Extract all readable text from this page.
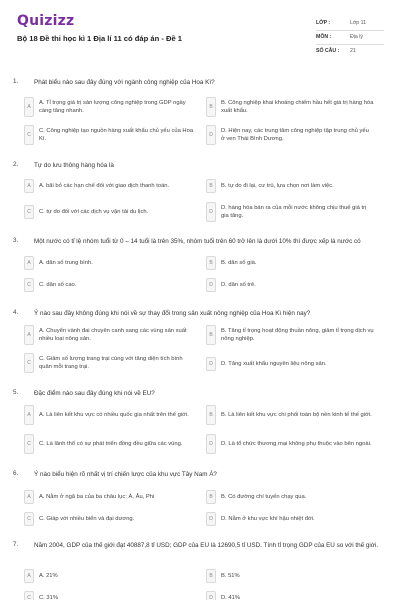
Quizizz
Bộ 18 Đề thi học kì 1 Địa lí 11 có đáp án - Đề 1
LỚP :	Lớp 11
MÔN :	Địa lý
SỐ CÂU : 21
1. Phát biểu nào sau đây đúng với ngành công nghiệp của Hoa Kì?
A
A. Tỉ trọng giá trị sản lượng công nghiệp trong GDP ngày càng tăng nhanh.
B
B. Công nghiệp khai khoáng chiếm hầu hết giá trị hàng hóa xuất khẩu.
C
C. Công nghiệp tạo nguồn hàng xuất khẩu chủ yếu của Hoa Kì.
D
D. Hiện nay, các trung tâm công nghiệp tập trung chủ yếu ở ven Thái Bình Dương.
2. Tự do lưu thông hàng hóa là
A	A. bãi bỏ các hạn chế đối với giao dịch thanh toán.	B	B. tự do đi lại, cư trú, lựa chọn nơi làm việc.
C	C. tự do đối với các dịch vụ vận tải du lịch.	D
D. hàng hóa bán ra của mỗi nước không chịu thuế giá trị gia tăng.
3. Một nước có tỉ lệ nhóm tuổi từ 0 – 14 tuổi là trên 35%, nhóm tuổi trên 60 trở lên là dưới 10% thì được xếp là nước có
A	A. dân số trung bình.	B	B. dân số già.
C	C. dân số cao.	D	D. dân số trẻ.
4. Ý nào sau đây không đúng khi nói về sự thay đổi trong sản xuất nông nghiệp của Hoa Kì hiện nay?
A
A. Chuyển vành đai chuyên canh sang các vùng sản xuất nhiều loại nông sản.
B
B. Tăng tỉ trọng hoạt động thuần nông, giảm tỉ trọng dịch vụ nông nghiệp.
C
C. Giảm số lượng trang trại cùng với tăng diện tích bình quân mỗi trang trại.	D	D. Tăng xuất khẩu nguyên liệu nông sản.
5. Đặc điểm nào sau đây đúng khi nói về EU?
A	A. Là liên kết khu vực có nhiều quốc gia nhất trên thế giới.	B	B. Là liên kết khu vực chi phối toàn bộ nền kinh tế thế giới.
C	C. Là lãnh thổ có sự phát triển đồng đều giữa các vùng.	D	D. Là tổ chức thương mại không phụ thuộc vào bên ngoài.
6. Ý nào biểu hiện rõ nhất vị trí chiến lược của khu vực Tây Nam Á?
A	A. Nằm ở ngã ba của ba châu lục: Á, Âu, Phi	B	B. Có đường chí tuyến chạy qua.
C	C. Giáp với nhiều biển và đại dương.	D	D. Nằm ở khu vực khí hậu nhiệt đới.
7. Năm 2004, GDP của thế giới đạt 40887,8 tỉ USD; GDP của EU là 12690,5 tỉ USD. Tính tỉ trọng GDP của EU so với thế giới.
A	A. 21%	B	B. 51%
C	C. 31%	D	D. 41%
